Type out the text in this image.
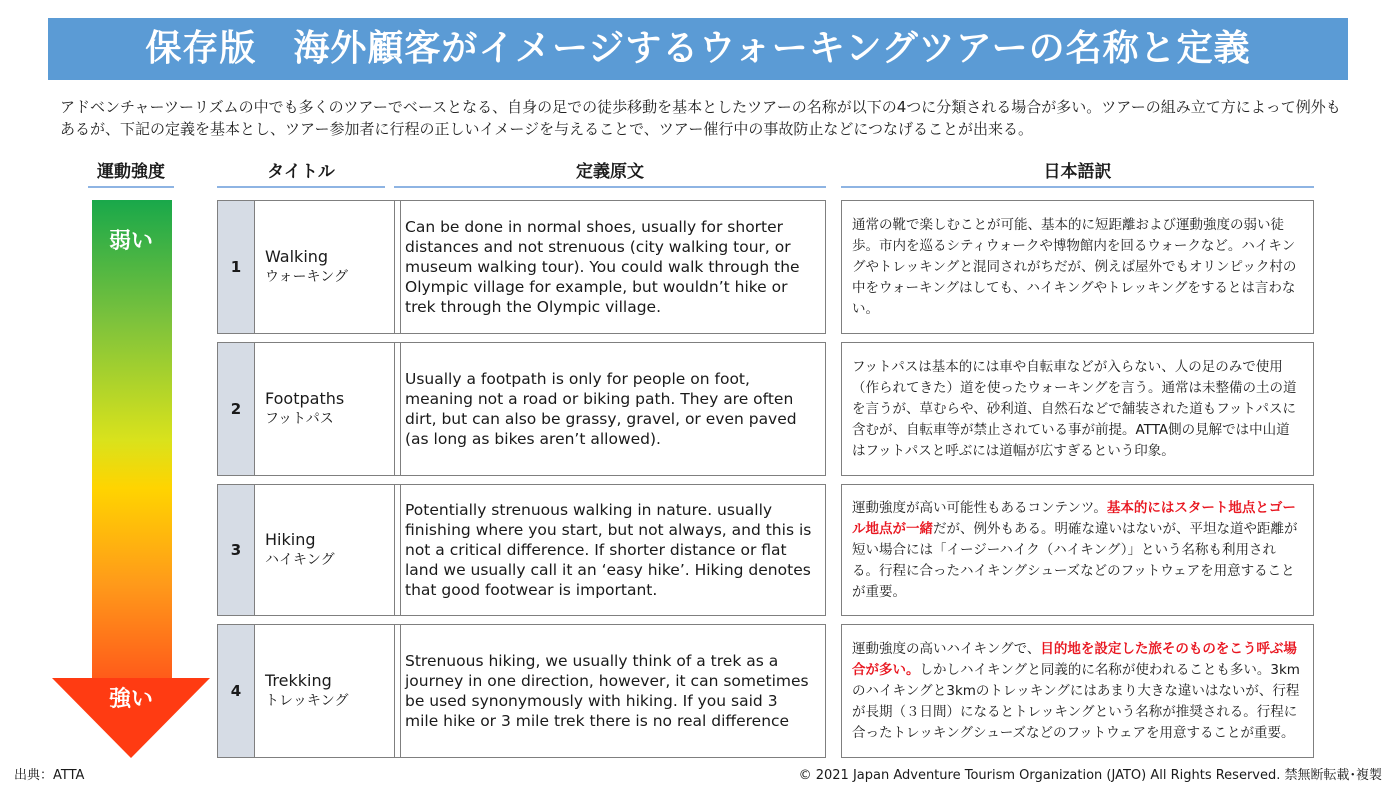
保存版　海外顧客がイメージするウォーキングツアーの名称と定義
アドベンチャーツーリズムの中でも多くのツアーでベースとなる、自身の足での徒歩移動を基本としたツアーの名称が以下の4つに分類される場合が多い。ツアーの組み立て方によって例外もあるが、下記の定義を基本とし、ツアー参加者に行程の正しいイメージを与えることで、ツアー催行中の事故防止などにつなげることが出来る。
運動強度	タイトル	定義原文	日本語訳
弱い
強い
1
Walking
ウォーキング
Can be done in normal shoes, usually for shorter distances and not strenuous (city walking tour, or museum walking tour). You could walk through the Olympic village for example, but wouldn’t hike or trek through the Olympic village.
通常の靴で楽しむことが可能、基本的に短距離および運動強度の弱い徒歩。市内を巡るシティウォークや博物館内を回るウォークなど。ハイキングやトレッキングと混同されがちだが、例えば屋外でもオリンピック村の中をウォーキングはしても、ハイキングやトレッキングをするとは言わない。
2
Footpaths
フットパス
Usually a footpath is only for people on foot, meaning not a road or biking path. They are often dirt, but can also be grassy, gravel, or even paved (as long as bikes aren’t allowed).
フットパスは基本的には車や自転車などが入らない、人の足のみで使用（作られてきた）道を使ったウォーキングを言う。通常は未整備の土の道を言うが、草むらや、砂利道、自然石などで舗装された道もフットパスに含むが、自転車等が禁止されている事が前提。ATTA側の見解では中山道はフットパスと呼ぶには道幅が広すぎるという印象。
3
Hiking
ハイキング
Potentially strenuous walking in nature. usually finishing where you start, but not always, and this is not a critical difference. If shorter distance or flat land we usually call it an ‘easy hike’. Hiking denotes that good footwear is important.
運動強度が高い可能性もあるコンテンツ。基本的にはスタート地点とゴール地点が一緒だが、例外もある。明確な違いはないが、平坦な道や距離が短い場合には「イージーハイク（ハイキング）」という名称も利用される。行程に合ったハイキングシューズなどのフットウェアを用意することが重要。
4
Trekking
トレッキング
Strenuous hiking, we usually think of a trek as a journey in one direction, however, it can sometimes be used synonymously with hiking. If you said 3 mile hike or 3 mile trek there is no real difference
運動強度の高いハイキングで、目的地を設定した旅そのものをこう呼ぶ場合が多い。しかしハイキングと同義的に名称が使われることも多い。3kmのハイキングと3kmのトレッキングにはあまり大きな違いはないが、行程が長期（３日間）になるとトレッキングという名称が推奨される。行程に合ったトレッキングシューズなどのフットウェアを用意することが重要。
出典：ATTA	© 2021 Japan Adventure Tourism Organization (JATO) All Rights Reserved. 禁無断転載･複製
